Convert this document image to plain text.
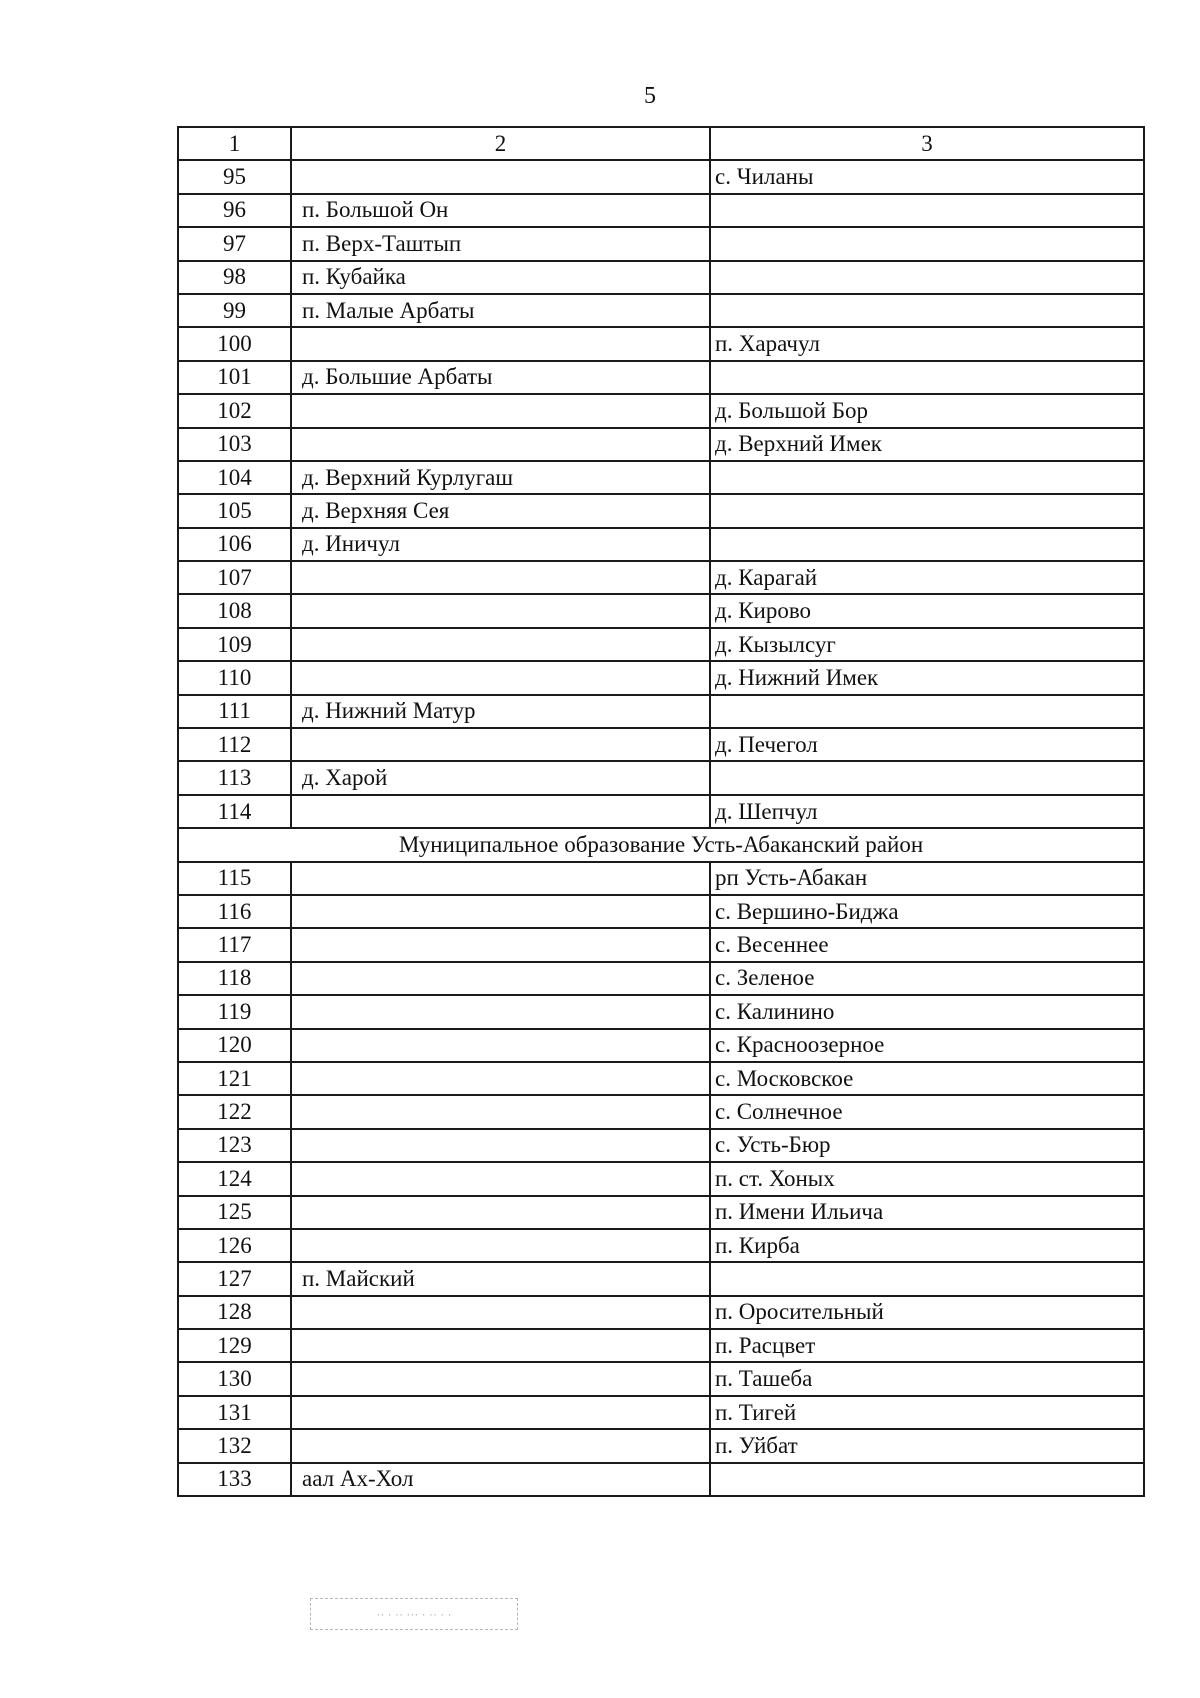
5
1	2	3
95		с. Чиланы
96	п. Большой Он	
97	п. Верх-Таштып	
98	п. Кубайка	
99	п. Малые Арбаты	
100		п. Харачул
101	д. Большие Арбаты	
102		д. Большой Бор
103		д. Верхний Имек
104	д. Верхний Курлугаш	
105	д. Верхняя Сея	
106	д. Иничул	
107		д. Карагай
108		д. Кирово
109		д. Кызылсуг
110		д. Нижний Имек
111	д. Нижний Матур	
112		д. Печегол
113	д. Харой	
114		д. Шепчул
Муниципальное образование Усть-Абаканский район		
115		рп Усть-Абакан
116		с. Вершино-Биджа
117		с. Весеннее
118		с. Зеленое
119		с. Калинино
120		с. Красноозерное
121		с. Московское
122		с. Солнечное
123		с. Усть-Бюр
124		п. ст. Хоных
125		п. Имени Ильича
126		п. Кирба
127	п. Майский	
128		п. Оросительный
129		п. Расцвет
130		п. Ташеба
131		п. Тигей
132		п. Уйбат
133	аал Ах-Хол	
·· · ·· ··· · ·· · ·
